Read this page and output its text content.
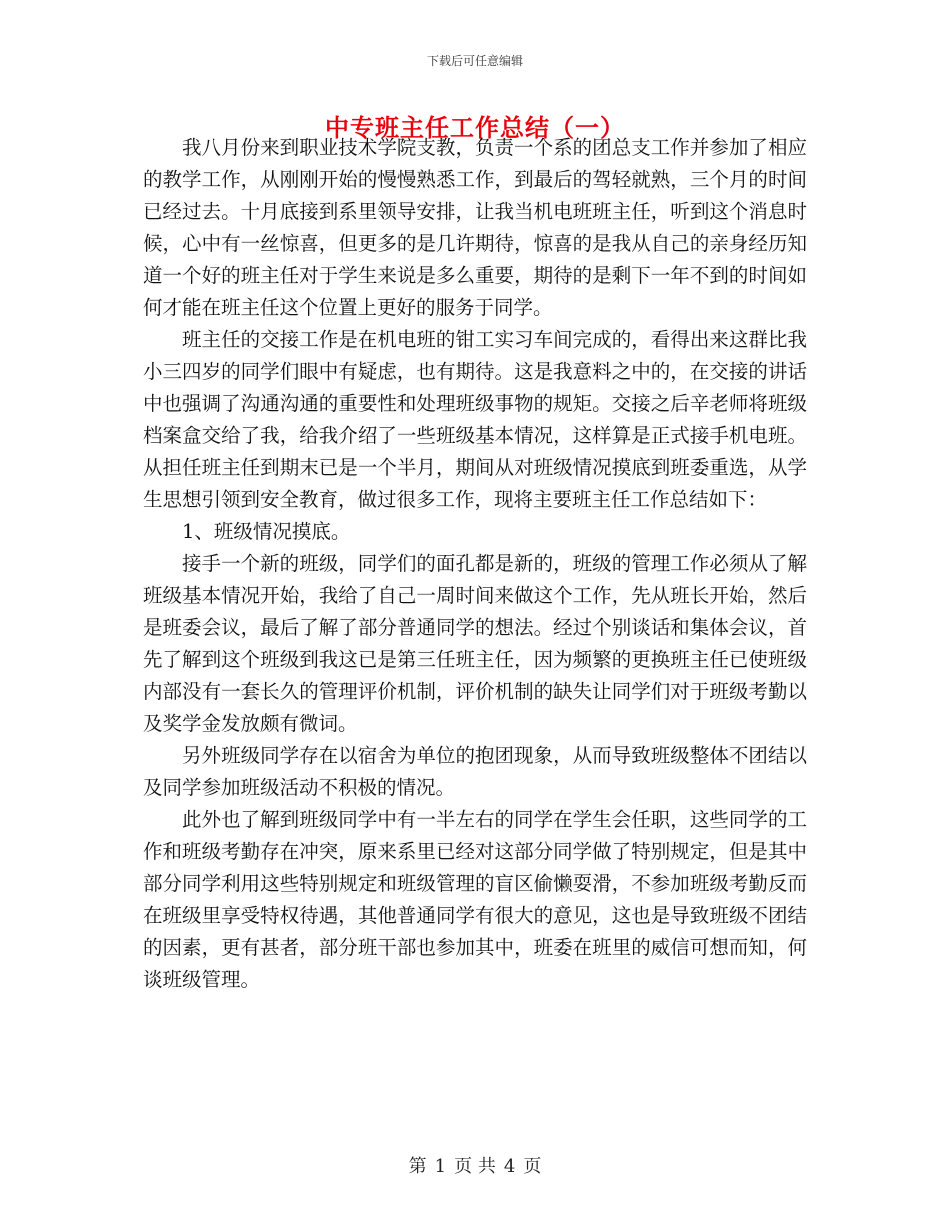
下载后可任意编辑
中专班主任工作总结（一）

我八月份来到职业技术学院支教，负责一个系的团总支工作并参加了相应的教学工作，从刚刚开始的慢慢熟悉工作，到最后的驾轻就熟，三个月的时间已经过去。十月底接到系里领导安排，让我当机电班班主任，听到这个消息时候，心中有一丝惊喜，但更多的是几许期待，惊喜的是我从自己的亲身经历知道一个好的班主任对于学生来说是多么重要，期待的是剩下一年不到的时间如何才能在班主任这个位置上更好的服务于同学。

班主任的交接工作是在机电班的钳工实习车间完成的，看得出来这群比我小三四岁的同学们眼中有疑虑，也有期待。这是我意料之中的，在交接的讲话中也强调了沟通沟通的重要性和处理班级事物的规矩。交接之后辛老师将班级档案盒交给了我，给我介绍了一些班级基本情况，这样算是正式接手机电班。从担任班主任到期末已是一个半月，期间从对班级情况摸底到班委重选，从学生思想引领到安全教育，做过很多工作，现将主要班主任工作总结如下：

1、班级情况摸底。

接手一个新的班级，同学们的面孔都是新的，班级的管理工作必须从了解班级基本情况开始，我给了自己一周时间来做这个工作，先从班长开始，然后是班委会议，最后了解了部分普通同学的想法。经过个别谈话和集体会议，首先了解到这个班级到我这已是第三任班主任，因为频繁的更换班主任已使班级内部没有一套长久的管理评价机制，评价机制的缺失让同学们对于班级考勤以及奖学金发放颇有微词。

另外班级同学存在以宿舍为单位的抱团现象，从而导致班级整体不团结以及同学参加班级活动不积极的情况。

此外也了解到班级同学中有一半左右的同学在学生会任职，这些同学的工作和班级考勤存在冲突，原来系里已经对这部分同学做了特别规定，但是其中部分同学利用这些特别规定和班级管理的盲区偷懒耍滑，不参加班级考勤反而在班级里享受特权待遇，其他普通同学有很大的意见，这也是导致班级不团结的因素，更有甚者，部分班干部也参加其中，班委在班里的威信可想而知，何谈班级管理。

第 1 页 共 4 页
